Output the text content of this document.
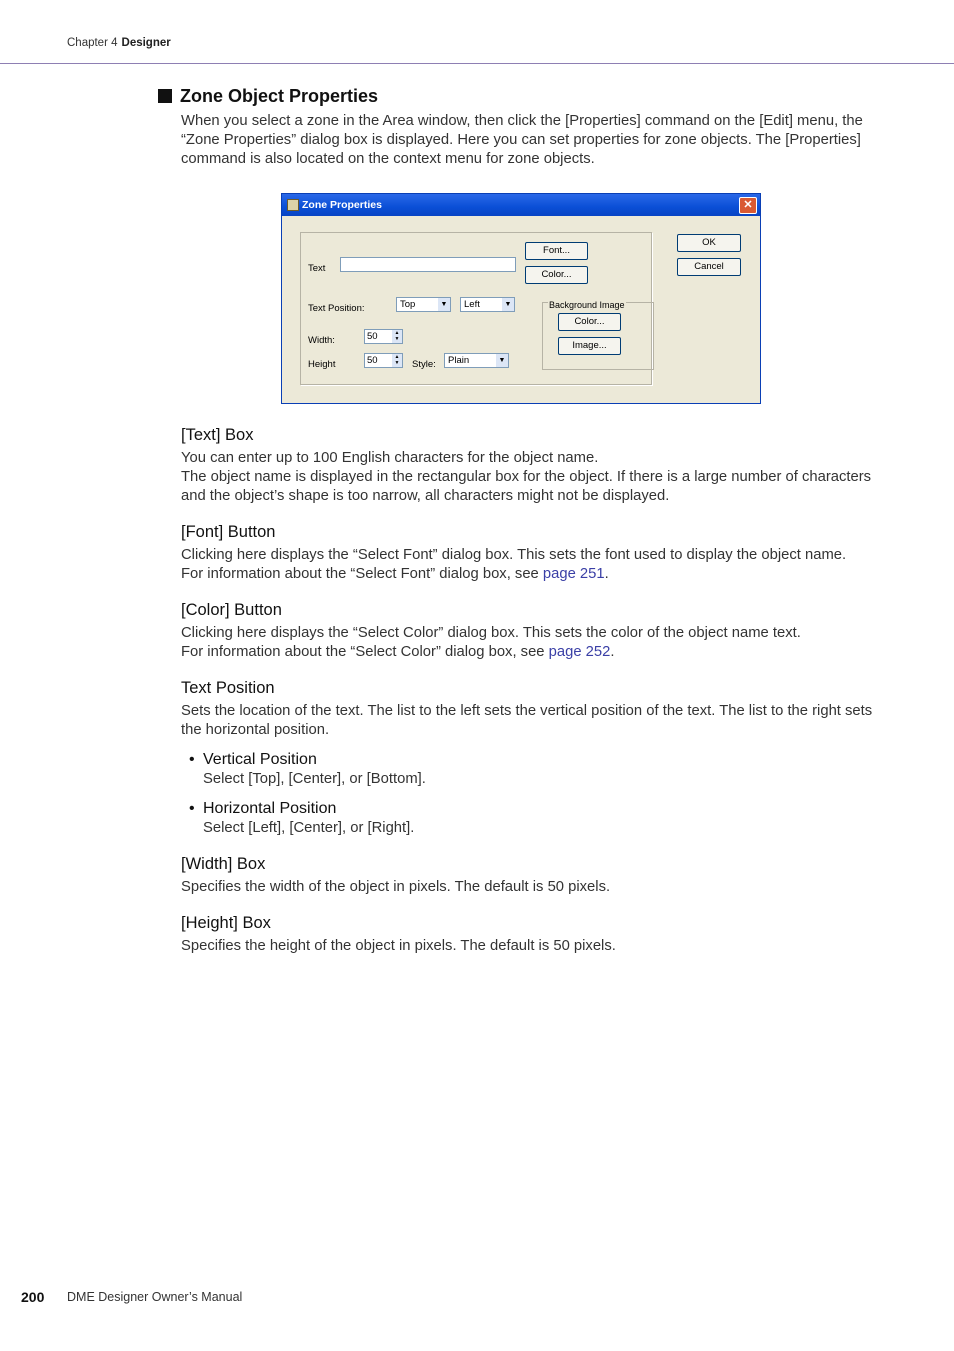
Chapter 4 Designer
Zone Object Properties

When you select a zone in the Area window, then click the [Properties] command on the [Edit] menu, the “Zone Properties” dialog box is displayed. Here you can set properties for zone objects. The [Properties] command is also located on the context menu for zone objects.

Zone Properties	✕
Text
Font...
Color...
Text Position:	Top	▼	Left	▼
Width:	50	▲
▼
Height	50	▲
▼ Style:	Plain	▼
Background Image
Color...
Image...
OK
Cancel
[Text] Box

You can enter up to 100 English characters for the object name.

The object name is displayed in the rectangular box for the object. If there is a large number of characters and the object’s shape is too narrow, all characters might not be displayed.

[Font] Button

Clicking here displays the “Select Font” dialog box. This sets the font used to display the object name.

For information about the “Select Font” dialog box, see page 251.

[Color] Button

Clicking here displays the “Select Color” dialog box. This sets the color of the object name text.

For information about the “Select Color” dialog box, see page 252.

Text Position

Sets the location of the text. The list to the left sets the vertical position of the text. The list to the right sets the horizontal position.

• Vertical Position
Select [Top], [Center], or [Bottom].
• Horizontal Position
Select [Left], [Center], or [Right].
[Width] Box

Specifies the width of the object in pixels. The default is 50 pixels.

[Height] Box

Specifies the height of the object in pixels. The default is 50 pixels.

200 DME Designer Owner’s Manual
